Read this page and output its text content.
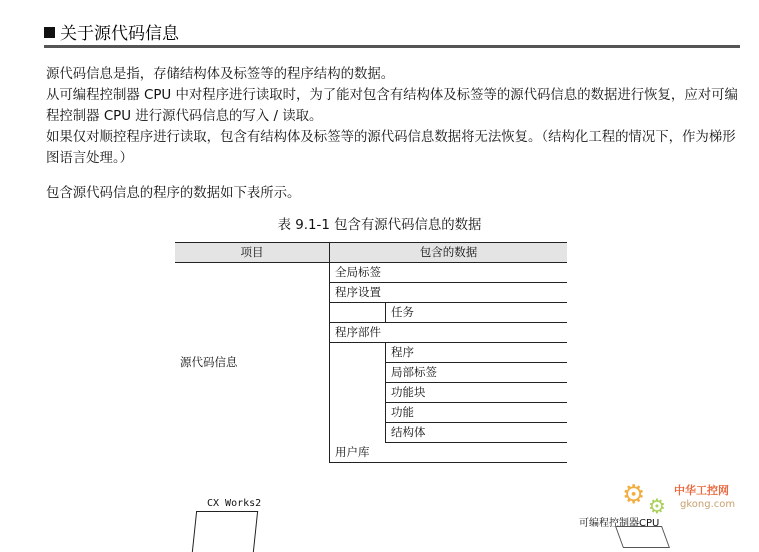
关于源代码信息

源代码信息是指，存储结构体及标签等的程序结构的数据。

从可编程控制器 CPU 中对程序进行读取时，为了能对包含有结构体及标签等的源代码信息的数据进行恢复，应对可编程控制器 CPU 进行源代码信息的写入 / 读取。

如果仅对顺控程序进行读取，包含有结构体及标签等的源代码信息数据将无法恢复。（结构化工程的情况下，作为梯形图语言处理。）

包含源代码信息的程序的数据如下表所示。

表 9.1-1 包含有源代码信息的数据
项目	包含的数据	
源代码信息	全局标签	
	程序设置	
		任务
	程序部件	
		程序
		局部标签
		功能块
		功能
		结构体
	用户库	
CX Works2
可编程控制器CPU
⚙ ⚙
中华工控网
gkong.com
